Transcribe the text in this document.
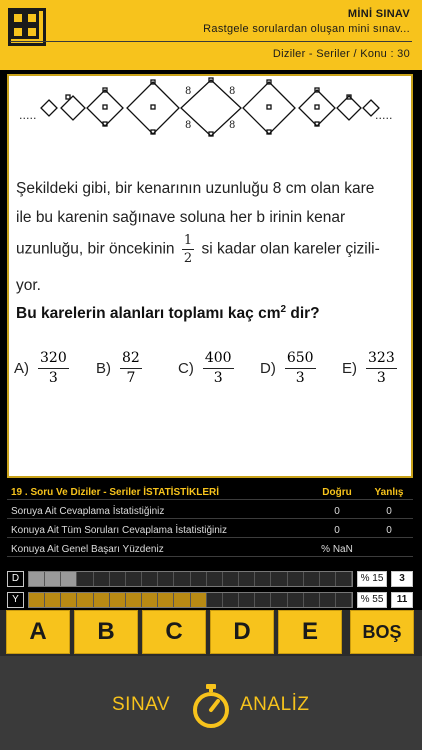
MİNİ SINAV
Rastgele sorulardan oluşan mini sınav...
Diziler - Seriler / Konu : 30
.....	.....
8	8
8	8
Şekildeki gibi, bir kenarının uzunluğu 8 cm olan kare
ile bu karenin sağınave soluna her b irinin kenar
uzunluğu, bir öncekinin $\frac{1}{2}$ si kadar olan kareler çizili-
yor.
Bu karelerin alanları toplamı kaç $cm^2$ dir?
$A) \frac{320}{3} B) \frac{82}{7} C) \frac{400}{3} D) \frac{650}{3} E) \frac{323}{3}$
19 . Soru Ve Diziler - Seriler İSTATİSTİKLERİ	Doğru	Yanlış
Soruya Ait Cevaplama İstatistiğiniz	0	0
Konuya Ait Tüm Soruları Cevaplama İstatistiğiniz	0	0
Konuya Ait Genel Başarı Yüzdeniz	% NaN
D	% 15	3
Y	% 55	11
A	B	C	D	E	BOŞ
SINAV	ANALİZ
